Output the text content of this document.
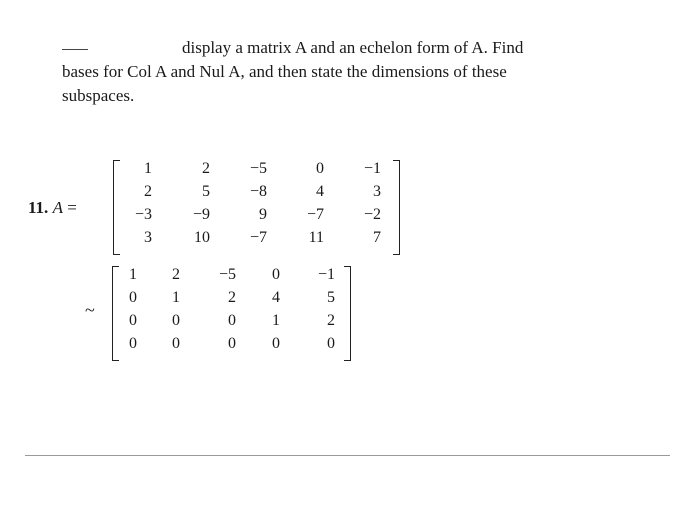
display a matrix A and an echelon form of A. Find
bases for Col A and Nul A, and then state the dimensions of these
subspaces.
11. A =
1	2 −5	0 −1
2	5 −8	4	3
−3	−9	9 −7 −2
3	10 −7	11	7
~
1 2 −5 0 −1
0 1	2 4	5
0 0	0 1	2
0 0	0 0	0
